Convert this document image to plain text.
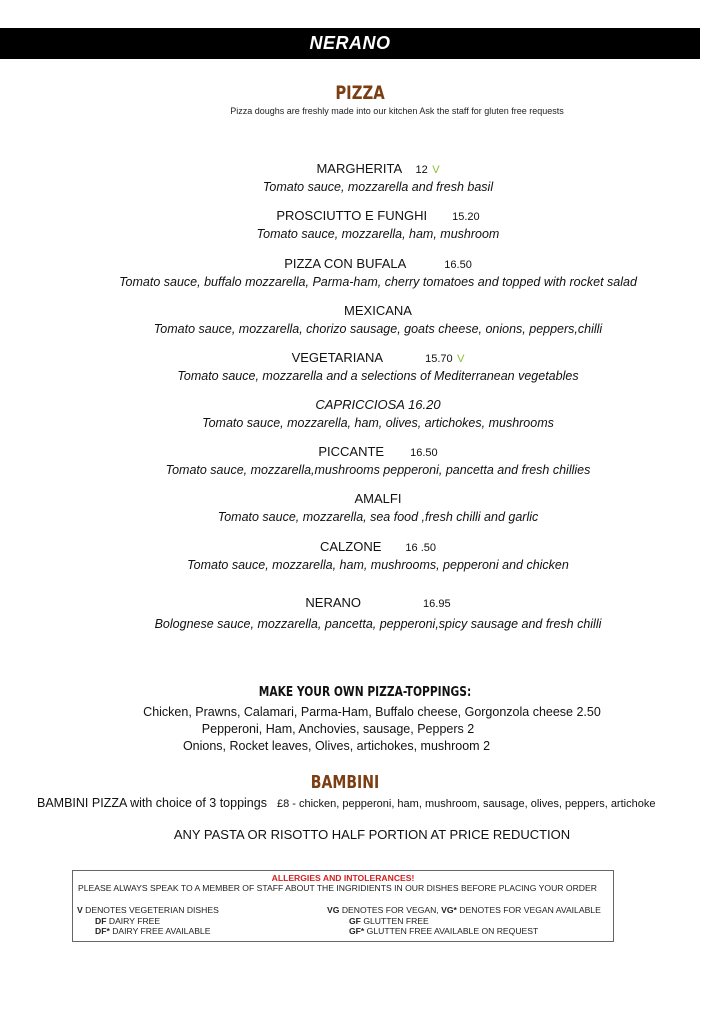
NERANO
PIZZA
Pizza doughs are freshly made into our kitchen Ask the staff for gluten free requests
MARGHERITA 12 V
Tomato sauce, mozzarella and fresh basil
PROSCIUTTO E FUNGHI 15.20
Tomato sauce, mozzarella, ham, mushroom
PIZZA CON BUFALA	16.50
Tomato sauce, buffalo mozzarella, Parma-ham, cherry tomatoes and topped with rocket salad
MEXICANA
Tomato sauce, mozzarella, chorizo sausage, goats cheese, onions, peppers,chilli
VEGETARIANA	15.70 V
Tomato sauce, mozzarella and a selections of Mediterranean vegetables
CAPRICCIOSA 16.20
Tomato sauce, mozzarella, ham, olives, artichokes, mushrooms
PICCANTE 16.50
Tomato sauce, mozzarella,mushrooms pepperoni, pancetta and fresh chillies
AMALFI
Tomato sauce, mozzarella, sea food ,fresh chilli and garlic
CALZONE 16 .50
Tomato sauce, mozzarella, ham, mushrooms, pepperoni and chicken
NERANO	16.95
Bolognese sauce, mozzarella, pancetta, pepperoni,spicy sausage and fresh chilli
MAKE YOUR OWN PIZZA-TOPPINGS:
Chicken, Prawns, Calamari, Parma-Ham, Buffalo cheese, Gorgonzola cheese 2.50
Pepperoni, Ham, Anchovies, sausage, Peppers 2
Onions, Rocket leaves, Olives, artichokes, mushroom 2
BAMBINI
BAMBINI PIZZA with choice of 3 toppings £8 - chicken, pepperoni, ham, mushroom, sausage, olives, peppers, artichoke
ANY PASTA OR RISOTTO HALF PORTION AT PRICE REDUCTION
ALLERGIES AND INTOLERANCES!
PLEASE ALWAYS SPEAK TO A MEMBER OF STAFF ABOUT THE INGRIDIENTS IN OUR DISHES BEFORE PLACING YOUR ORDER
V DENOTES VEGETERIAN DISHES	VG DENOTES FOR VEGAN, VG* DENOTES FOR VEGAN AVAILABLE
DF DAIRY FREE	GF GLUTTEN FREE
DF* DAIRY FREE AVAILABLE	GF* GLUTTEN FREE AVAILABLE ON REQUEST
